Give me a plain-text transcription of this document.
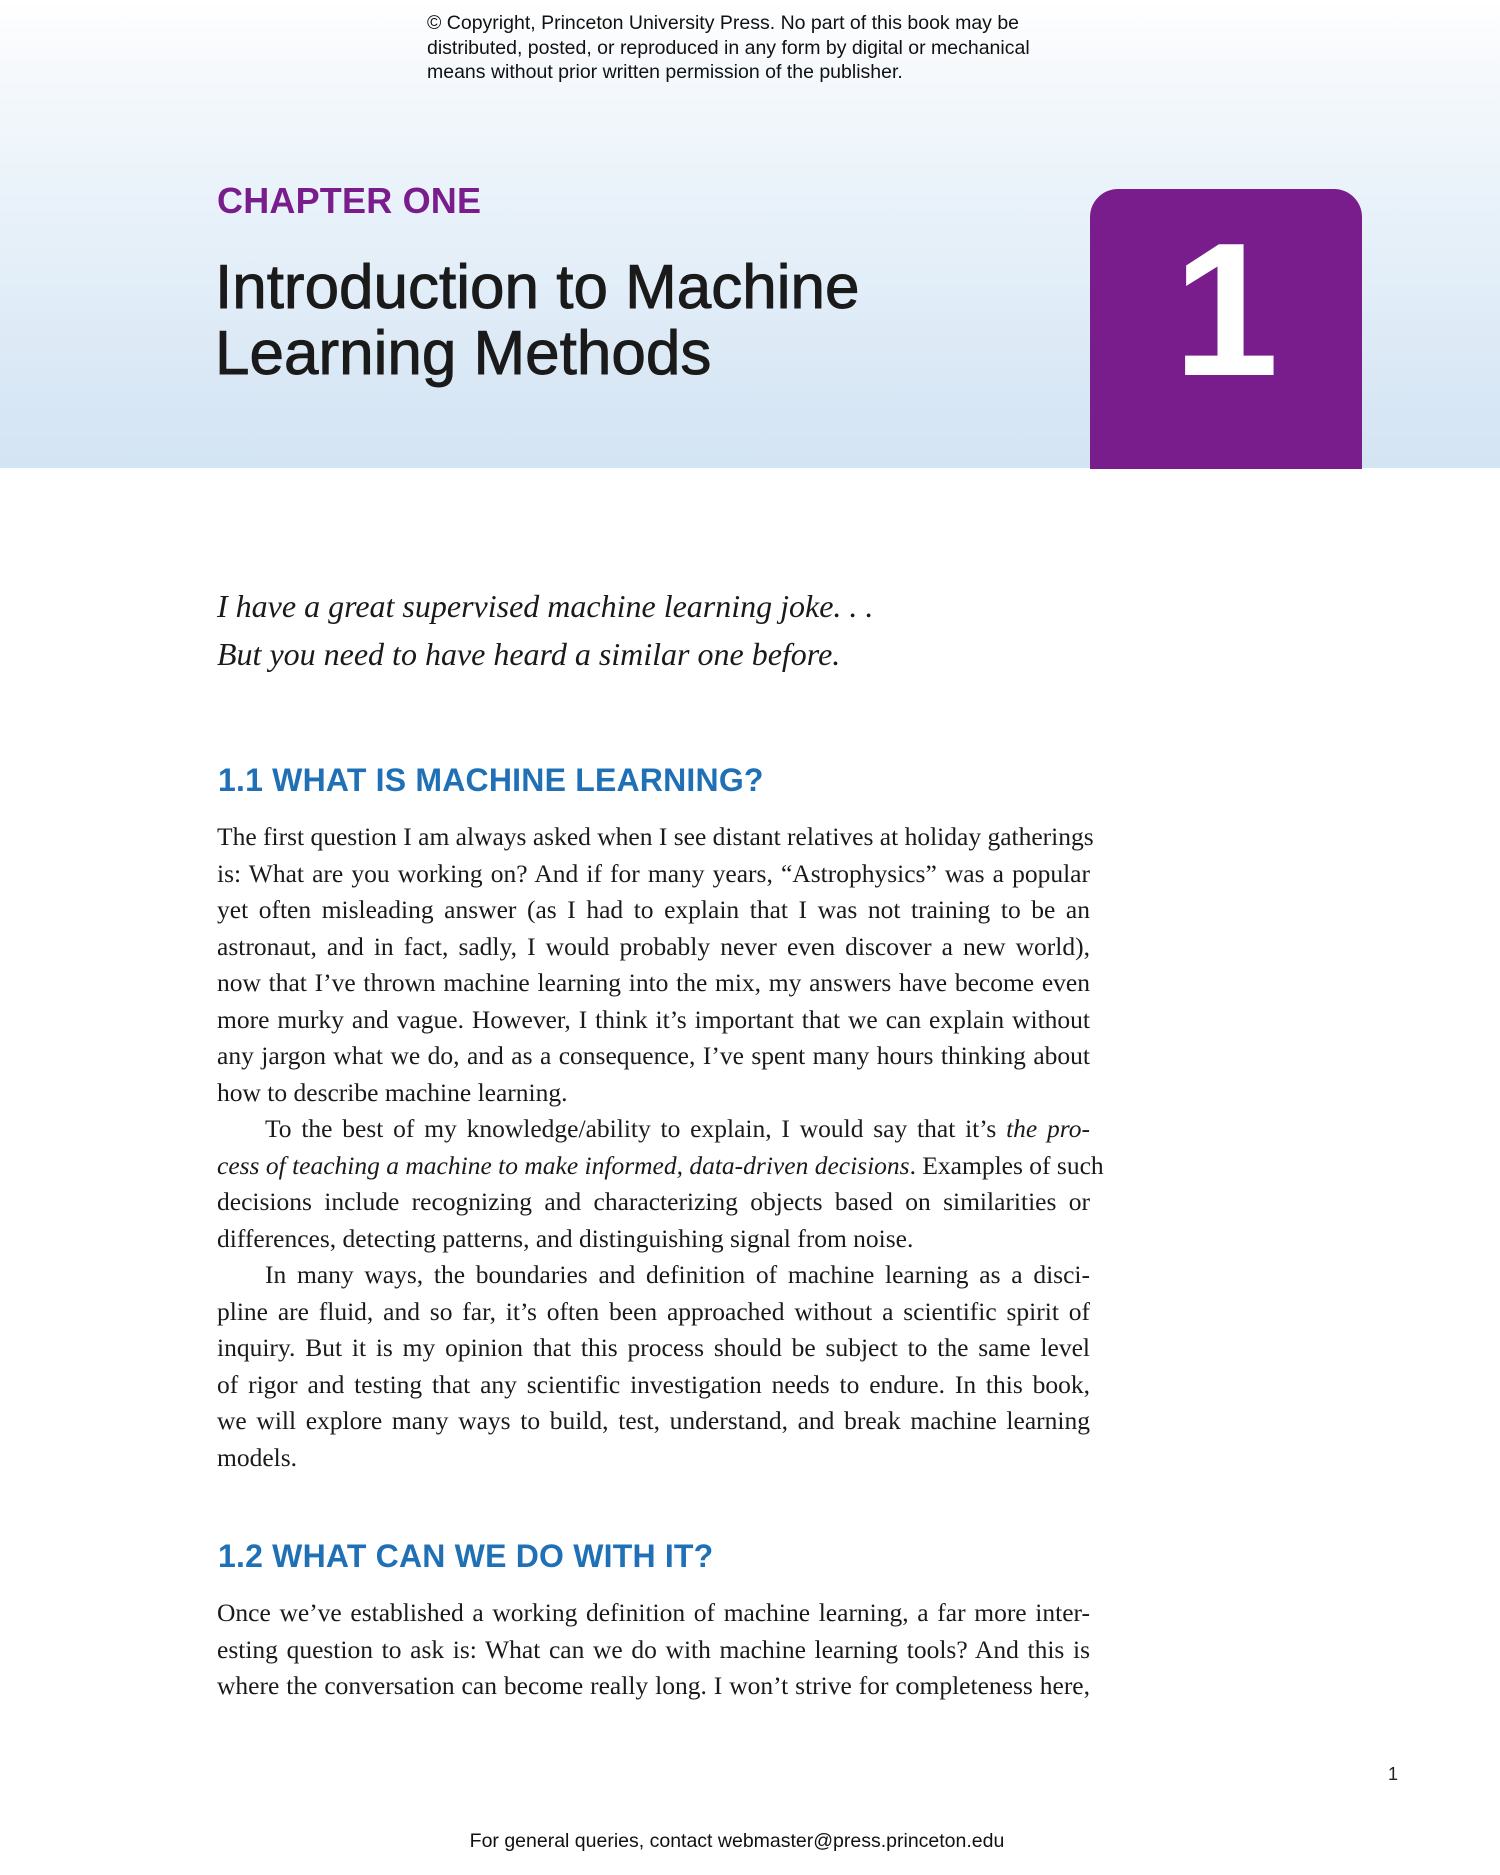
© Copyright, Princeton University Press. No part of this book may be
distributed, posted, or reproduced in any form by digital or mechanical
means without prior written permission of the publisher.
CHAPTER ONE
Introduction to Machine
Learning Methods	1
I have a great supervised machine learning joke. . .
But you need to have heard a similar one before.
1.1 WHAT IS MACHINE LEARNING?
The first question I am always asked when I see distant relatives at holiday gatherings
is: What are you working on? And if for many years, “Astrophysics” was a popular
yet often misleading answer (as I had to explain that I was not training to be an
astronaut, and in fact, sadly, I would probably never even discover a new world),
now that I’ve thrown machine learning into the mix, my answers have become even
more murky and vague. However, I think it’s important that we can explain without
any jargon what we do, and as a consequence, I’ve spent many hours thinking about
how to describe machine learning.
To the best of my knowledge/ability to explain, I would say that it’s the pro-
cess of teaching a machine to make informed, data-driven decisions. Examples of such
decisions include recognizing and characterizing objects based on similarities or
differences, detecting patterns, and distinguishing signal from noise.
In many ways, the boundaries and definition of machine learning as a disci-
pline are fluid, and so far, it’s often been approached without a scientific spirit of
inquiry. But it is my opinion that this process should be subject to the same level
of rigor and testing that any scientific investigation needs to endure. In this book,
we will explore many ways to build, test, understand, and break machine learning
models.
1.2 WHAT CAN WE DO WITH IT?
Once we’ve established a working definition of machine learning, a far more inter-
esting question to ask is: What can we do with machine learning tools? And this is
where the conversation can become really long. I won’t strive for completeness here,
1
For general queries, contact webmaster@press.princeton.edu
